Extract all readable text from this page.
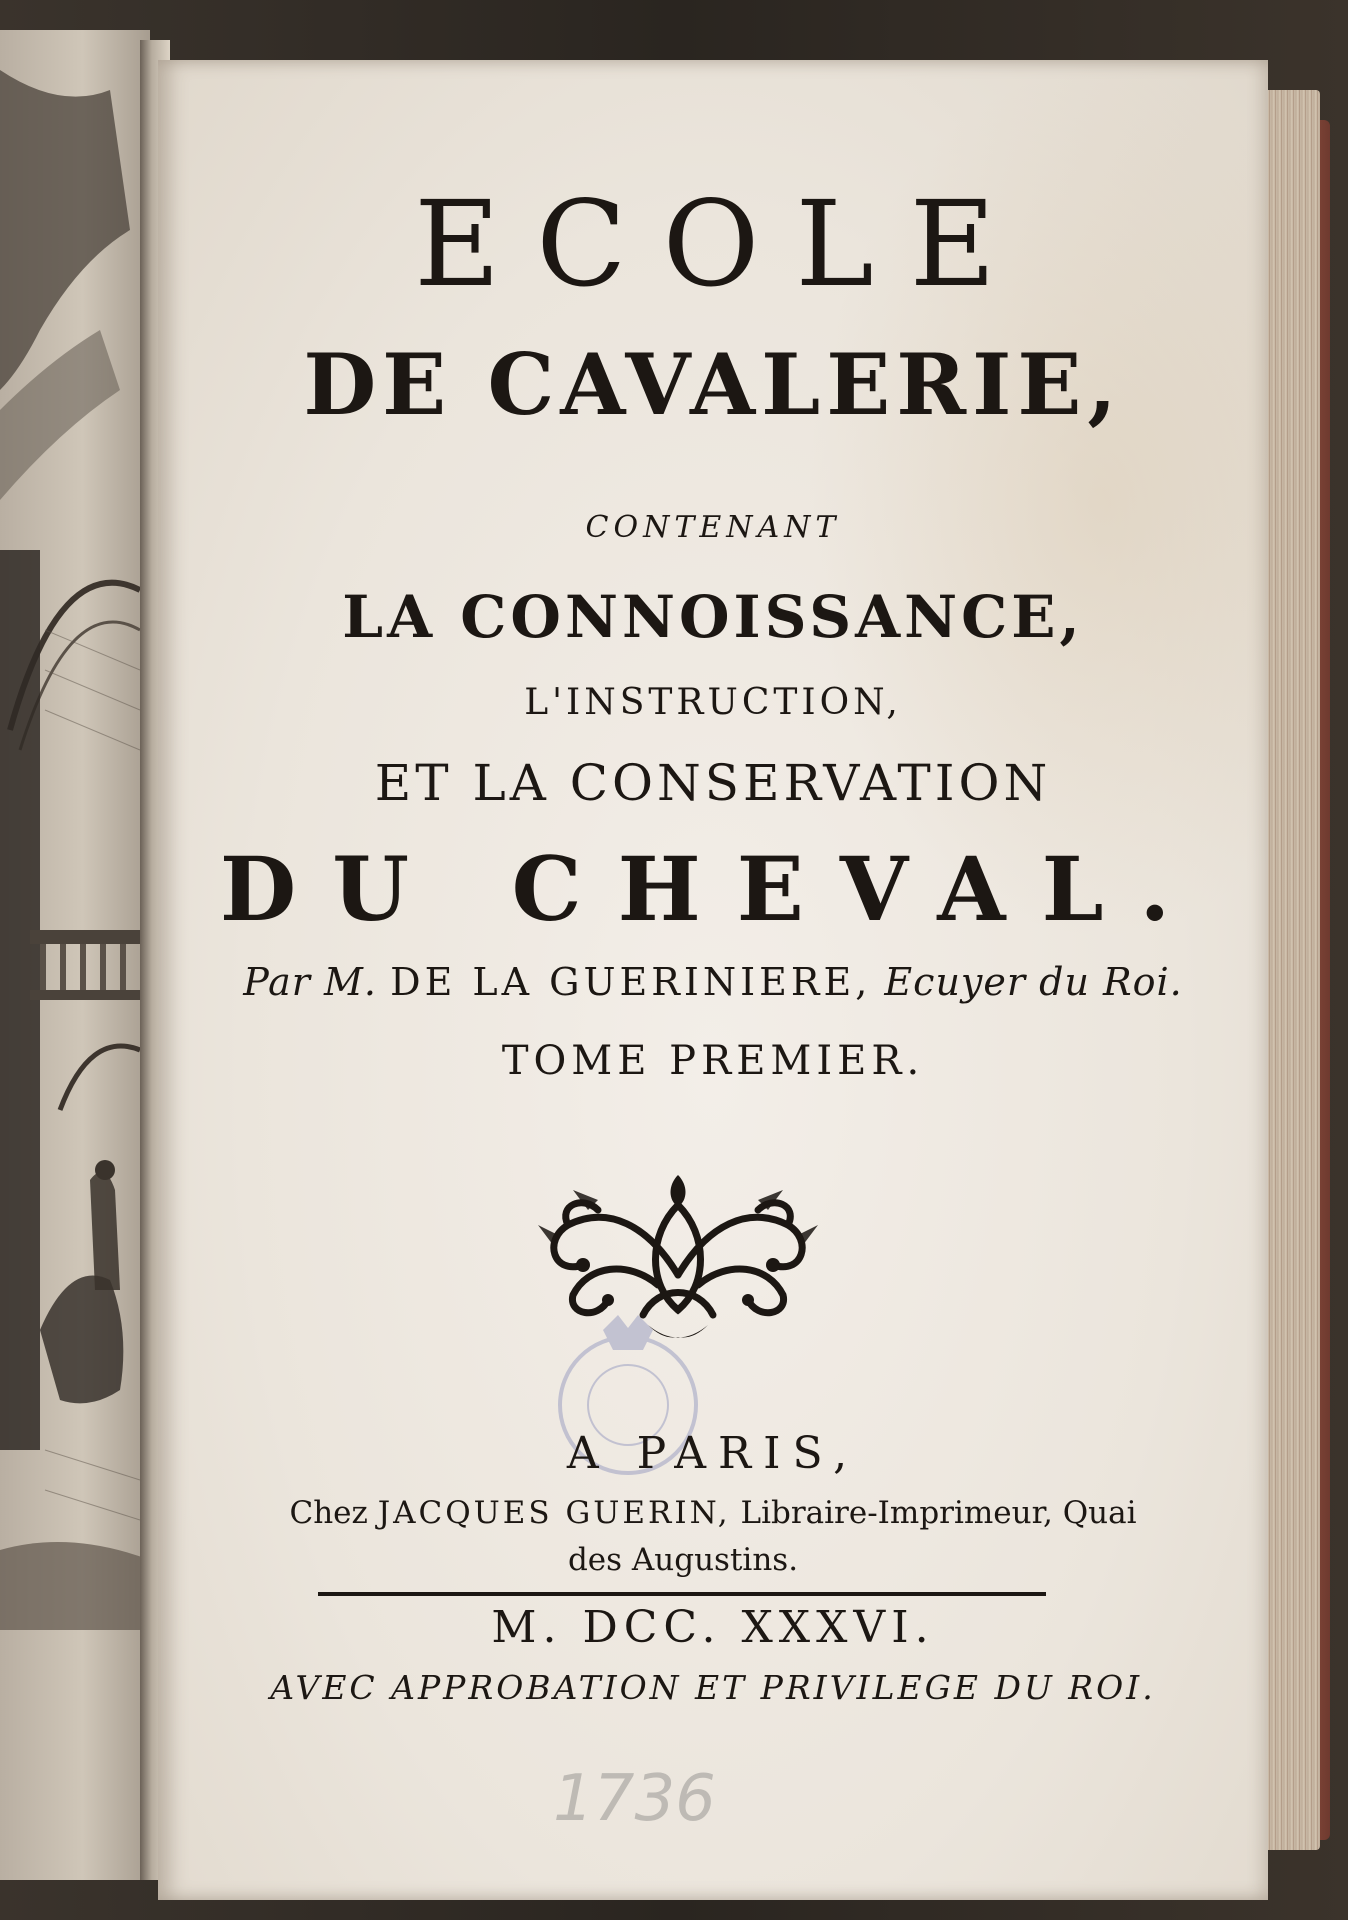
ECOLE

DE CAVALERIE,

CONTENANT

LA CONNOISSANCE,

L'INSTRUCTION,

ET LA CONSERVATION

DU CHEVAL.

Par M. DE LA GUERINIERE, Ecuyer du Roi.

TOME PREMIER.

A PARIS,

Chez JACQUES GUERIN, Libraire-Imprimeur, Quai

des Augustins.

M. DCC. XXXVI.

AVEC APPROBATION ET PRIVILEGE DU ROI.

1736
